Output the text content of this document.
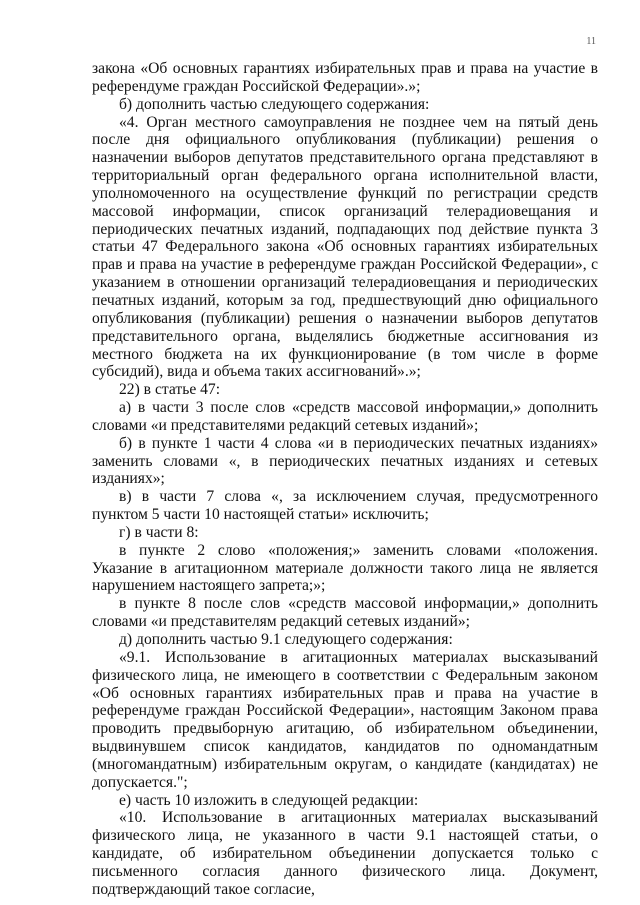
11

закона «Об основных гарантиях избирательных прав и права на участие в референдуме граждан Российской Федерации».»;

б) дополнить частью следующего содержания:

«4. Орган местного самоуправления не позднее чем на пятый день после дня официального опубликования (публикации) решения о назначении выборов депутатов представительного органа представляют в территориальный орган федерального органа исполнительной власти, уполномоченного на осуществление функций по регистрации средств массовой информации, список организаций телерадиовещания и периодических печатных изданий, подпадающих под действие пункта 3 статьи 47 Федерального закона «Об основных гарантиях избирательных прав и права на участие в референдуме граждан Российской Федерации», с указанием в отношении организаций телерадиовещания и периодических печатных изданий, которым за год, предшествующий дню официального опубликования (публикации) решения о назначении выборов депутатов представительного органа, выделялись бюджетные ассигнования из местного бюджета на их функционирование (в том числе в форме субсидий), вида и объема таких ассигнований».»;

22) в статье 47:

а) в части 3 после слов «средств массовой информации,» дополнить словами «и представителями редакций сетевых изданий»;

б) в пункте 1 части 4 слова «и в периодических печатных изданиях» заменить словами «, в периодических печатных изданиях и сетевых изданиях»;

в) в части 7 слова «, за исключением случая, предусмотренного пунктом 5 части 10 настоящей статьи» исключить;

г) в части 8:

в пункте 2 слово «положения;» заменить словами «положения. Указание в агитационном материале должности такого лица не является нарушением настоящего запрета;»;

в пункте 8 после слов «средств массовой информации,» дополнить словами «и представителям редакций сетевых изданий»;

д) дополнить частью 9.1 следующего содержания:

«9.1. Использование в агитационных материалах высказываний физического лица, не имеющего в соответствии с Федеральным законом «Об основных гарантиях избирательных прав и права на участие в референдуме граждан Российской Федерации», настоящим Законом права проводить предвыборную агитацию, об избирательном объединении, выдвинувшем список кандидатов, кандидатов по одномандатным (многомандатным) избирательным округам, о кандидате (кандидатах) не допускается.";

е) часть 10 изложить в следующей редакции:

«10. Использование в агитационных материалах высказываний физического лица, не указанного в части 9.1 настоящей статьи, о кандидате, об избирательном объединении допускается только с письменного согласия данного физического лица. Документ, подтверждающий такое согласие,
